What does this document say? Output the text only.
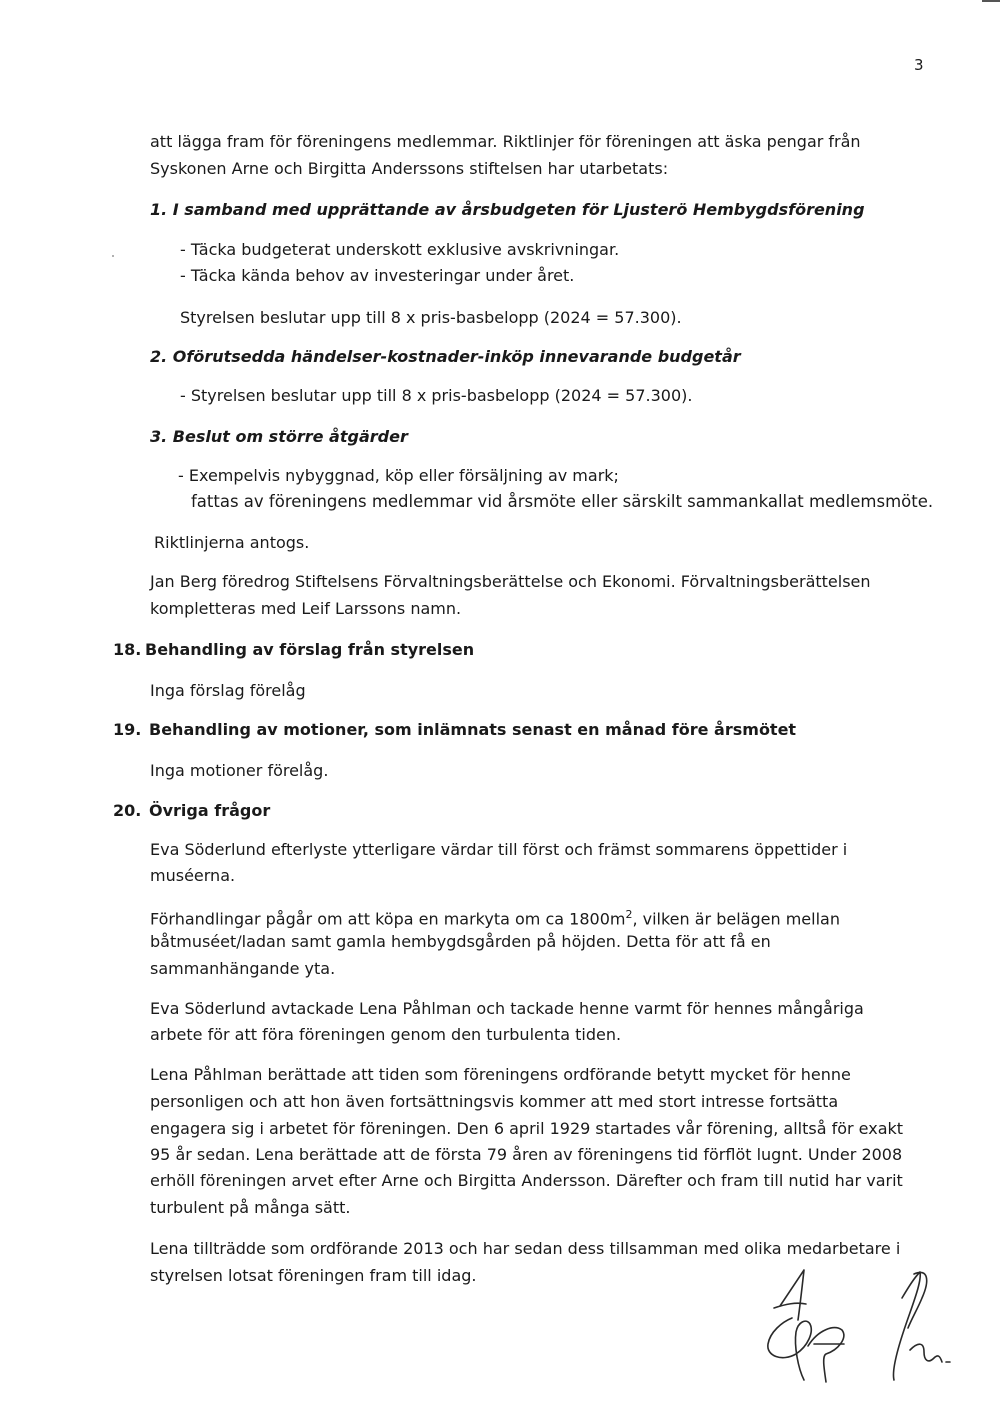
3
att lägga fram för föreningens medlemmar. Riktlinjer för föreningen att äska pengar från
Syskonen Arne och Birgitta Anderssons stiftelsen har utarbetats:
1. I samband med upprättande av årsbudgeten för Ljusterö Hembygdsförening
- Täcka budgeterat underskott exklusive avskrivningar.
- Täcka kända behov av investeringar under året.
Styrelsen beslutar upp till 8 x pris-basbelopp (2024 = 57.300).
2. Oförutsedda händelser-kostnader-inköp innevarande budgetår
- Styrelsen beslutar upp till 8 x pris-basbelopp (2024 = 57.300).
3. Beslut om större åtgärder
- Exempelvis nybyggnad, köp eller försäljning av mark;
fattas av föreningens medlemmar vid årsmöte eller särskilt sammankallat medlemsmöte.
Riktlinjerna antogs.
Jan Berg föredrog Stiftelsens Förvaltningsberättelse och Ekonomi. Förvaltningsberättelsen
kompletteras med Leif Larssons namn.
18. Behandling av förslag från styrelsen
Inga förslag förelåg
19. Behandling av motioner, som inlämnats senast en månad före årsmötet
Inga motioner förelåg.
20. Övriga frågor
Eva Söderlund efterlyste ytterligare värdar till först och främst sommarens öppettider i
muséerna.
Förhandlingar pågår om att köpa en markyta om ca $1800m^2$, vilken är belägen mellan
båtmuséet/ladan samt gamla hembygdsgården på höjden. Detta för att få en
sammanhängande yta.
Eva Söderlund avtackade Lena Påhlman och tackade henne varmt för hennes mångåriga
arbete för att föra föreningen genom den turbulenta tiden.
Lena Påhlman berättade att tiden som föreningens ordförande betytt mycket för henne
personligen och att hon även fortsättningsvis kommer att med stort intresse fortsätta
engagera sig i arbetet för föreningen. Den 6 april 1929 startades vår förening, alltså för exakt
95 år sedan. Lena berättade att de första 79 åren av föreningens tid förflöt lugnt. Under 2008
erhöll föreningen arvet efter Arne och Birgitta Andersson. Därefter och fram till nutid har varit
turbulent på många sätt.
Lena tillträdde som ordförande 2013 och har sedan dess tillsamman med olika medarbetare i
styrelsen lotsat föreningen fram till idag.
